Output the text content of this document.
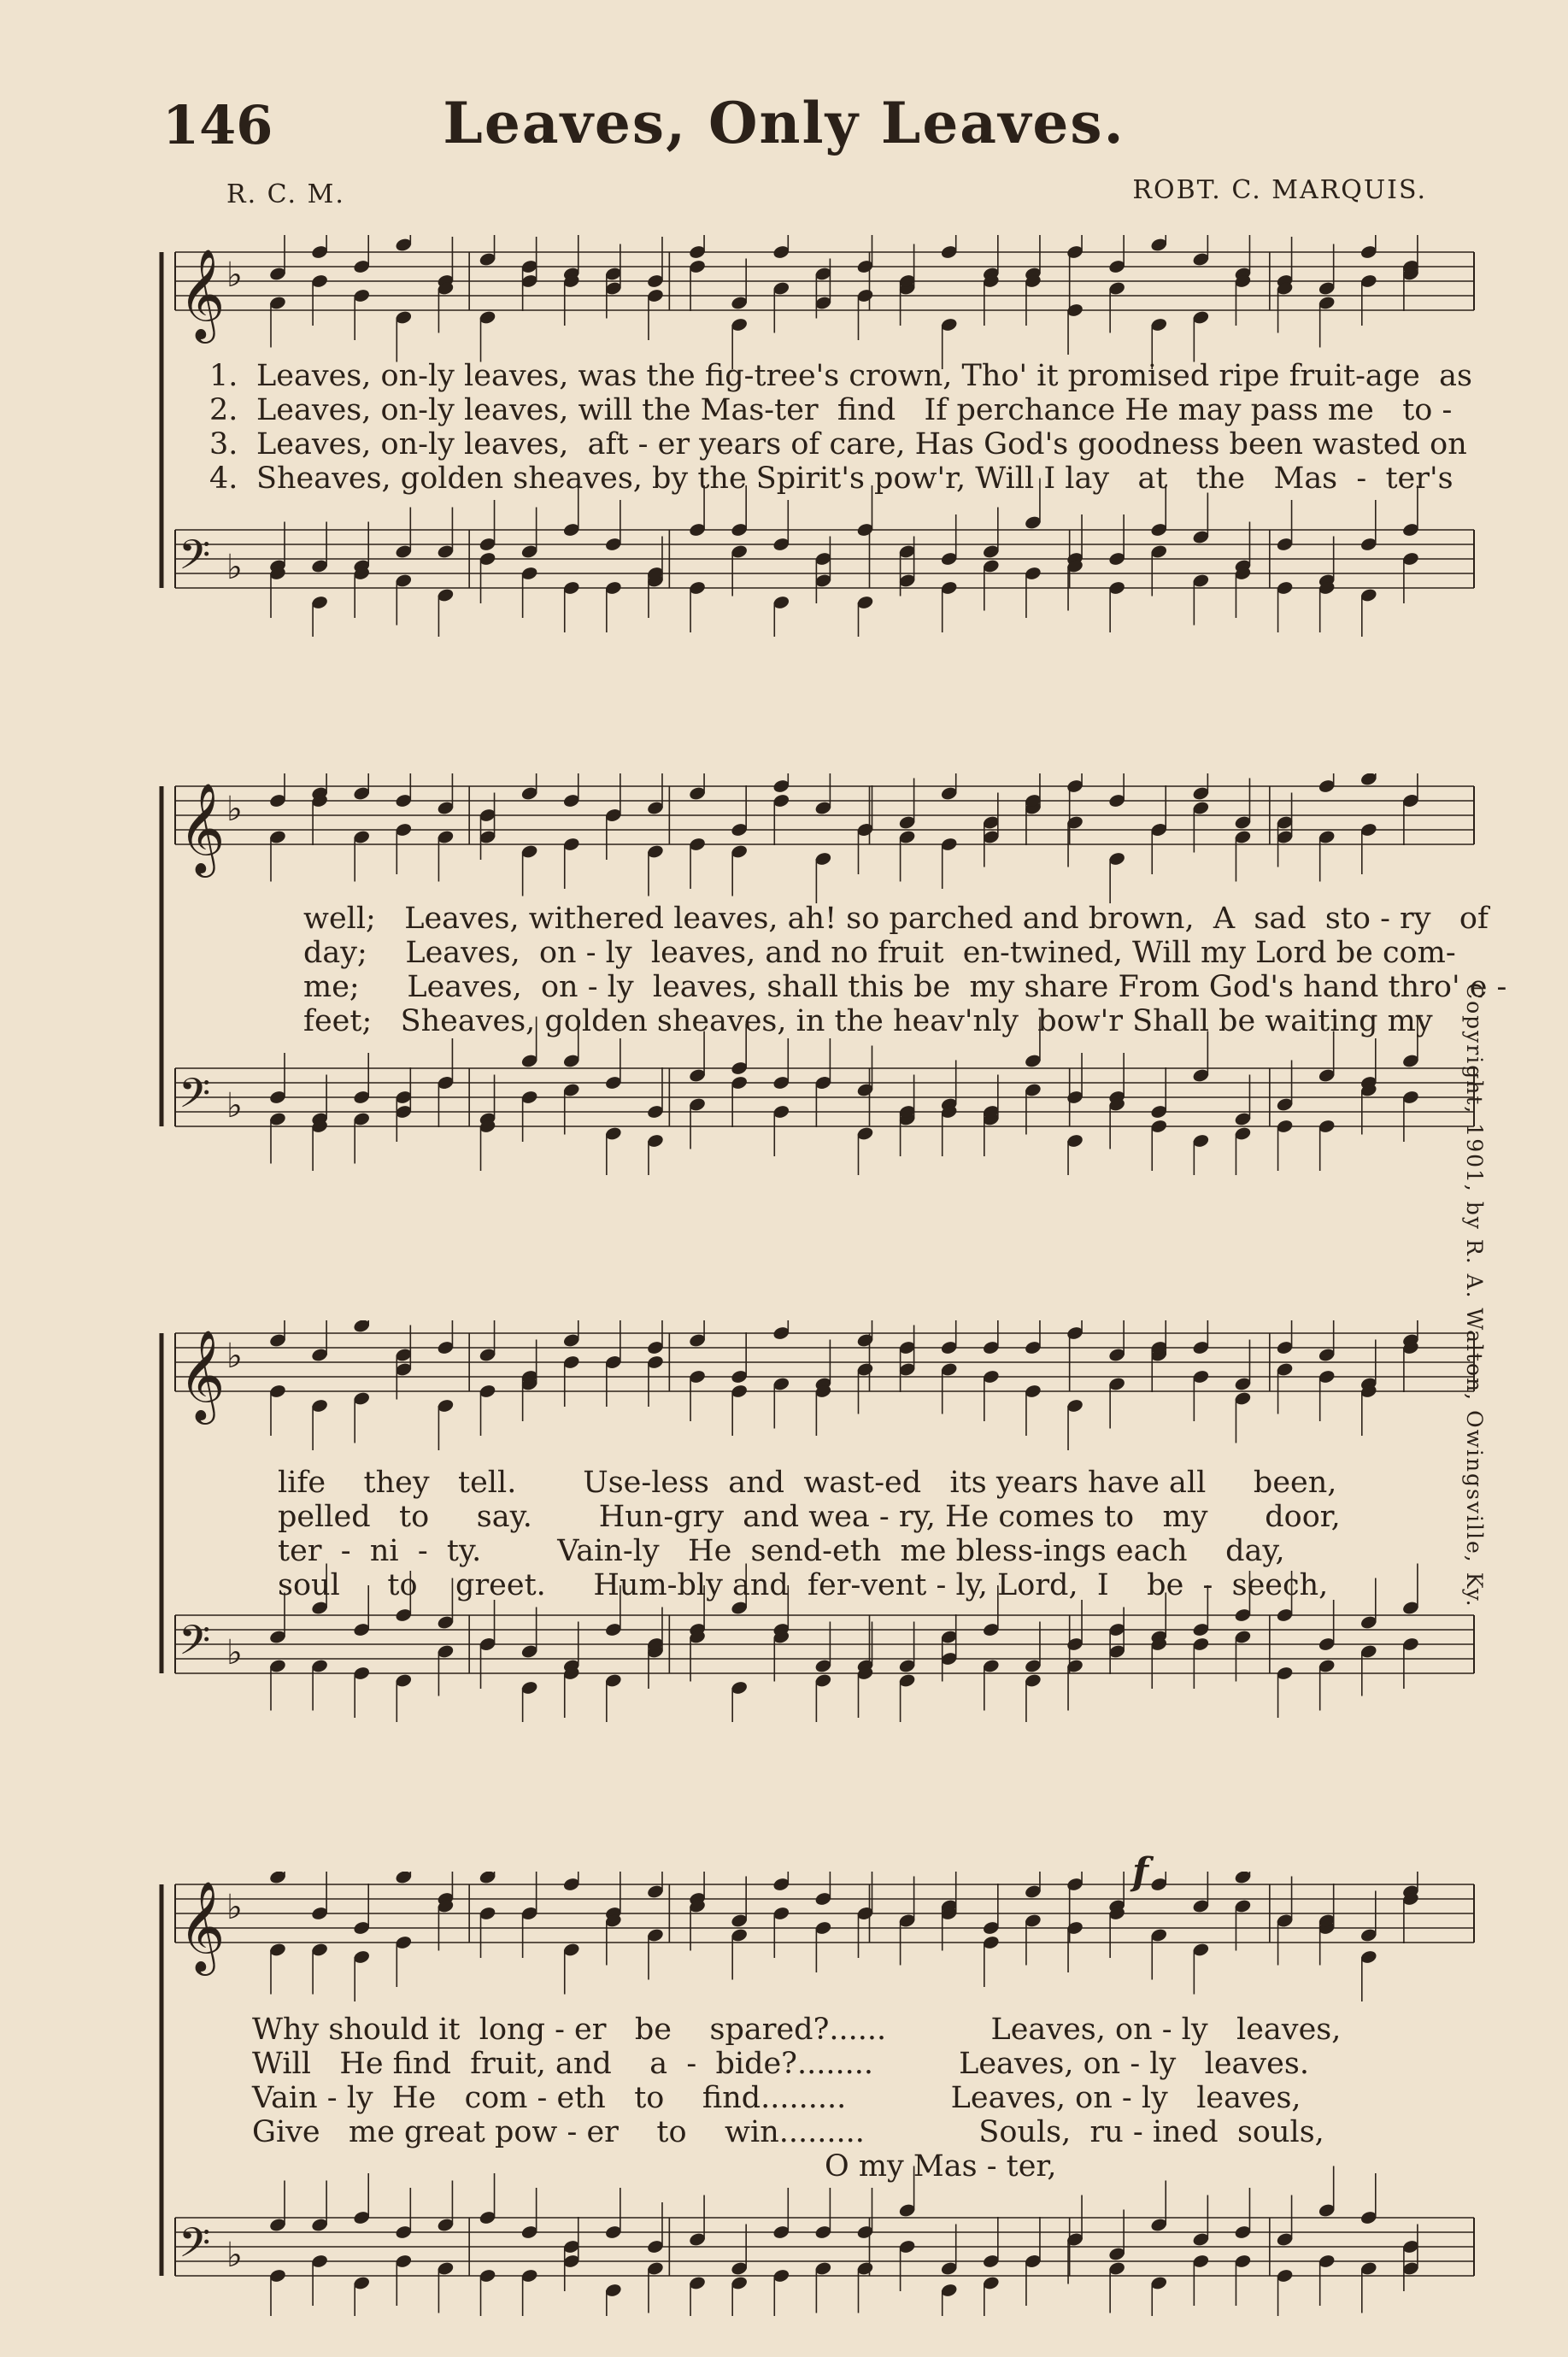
146	Leaves, Only Leaves.
R. C. M.	ROBT. C. MARQUIS.
Copyright, 1901, by R. A. Walton, Owingsville, Ky.
𝄞 ♭
𝄢 ♭
1. Leaves, on-ly leaves, was the fig-tree's crown, Tho' it promised ripe fruit-age  as
2. Leaves, on-ly leaves, will the Mas-ter  find   If perchance He may pass me   to -
3. Leaves, on-ly leaves,  aft - er years of care, Has God's goodness been wasted on
4. Sheaves, golden sheaves, by the Spirit's pow'r, Will I lay   at   the   Mas  -  ter's
𝄞 ♭
𝄢 ♭
well;   Leaves, withered leaves, ah! so parched and brown,  A  sad  sto - ry   of
day;    Leaves,  on - ly  leaves, and no fruit  en-twined, Will my Lord be com-
me;     Leaves,  on - ly  leaves, shall this be  my share From God's hand thro' e -
feet;   Sheaves, golden sheaves, in the heav'nly  bow'r Shall be waiting my
𝄞 ♭
𝄢 ♭
life    they   tell.       Use-less  and  wast-ed   its years have all     been,
pelled   to     say.       Hun-gry  and wea - ry, He comes to   my      door,
ter  -  ni  -  ty.        Vain-ly   He  send-eth  me bless-ings each    day,
soul     to    greet.     Hum-bly and  fer-vent - ly, Lord,  I    be  -  seech,
𝄞 ♭
𝄢 ♭
f
Why should it  long - er   be    spared?......           Leaves, on - ly   leaves,
Will   He find  fruit, and    a  -  bide?........         Leaves, on - ly   leaves.
Vain - ly  He   com - eth   to    find.........           Leaves, on - ly   leaves,
Give   me great pow - er    to    win.........            Souls,  ru - ined  souls,
O my Mas - ter,
